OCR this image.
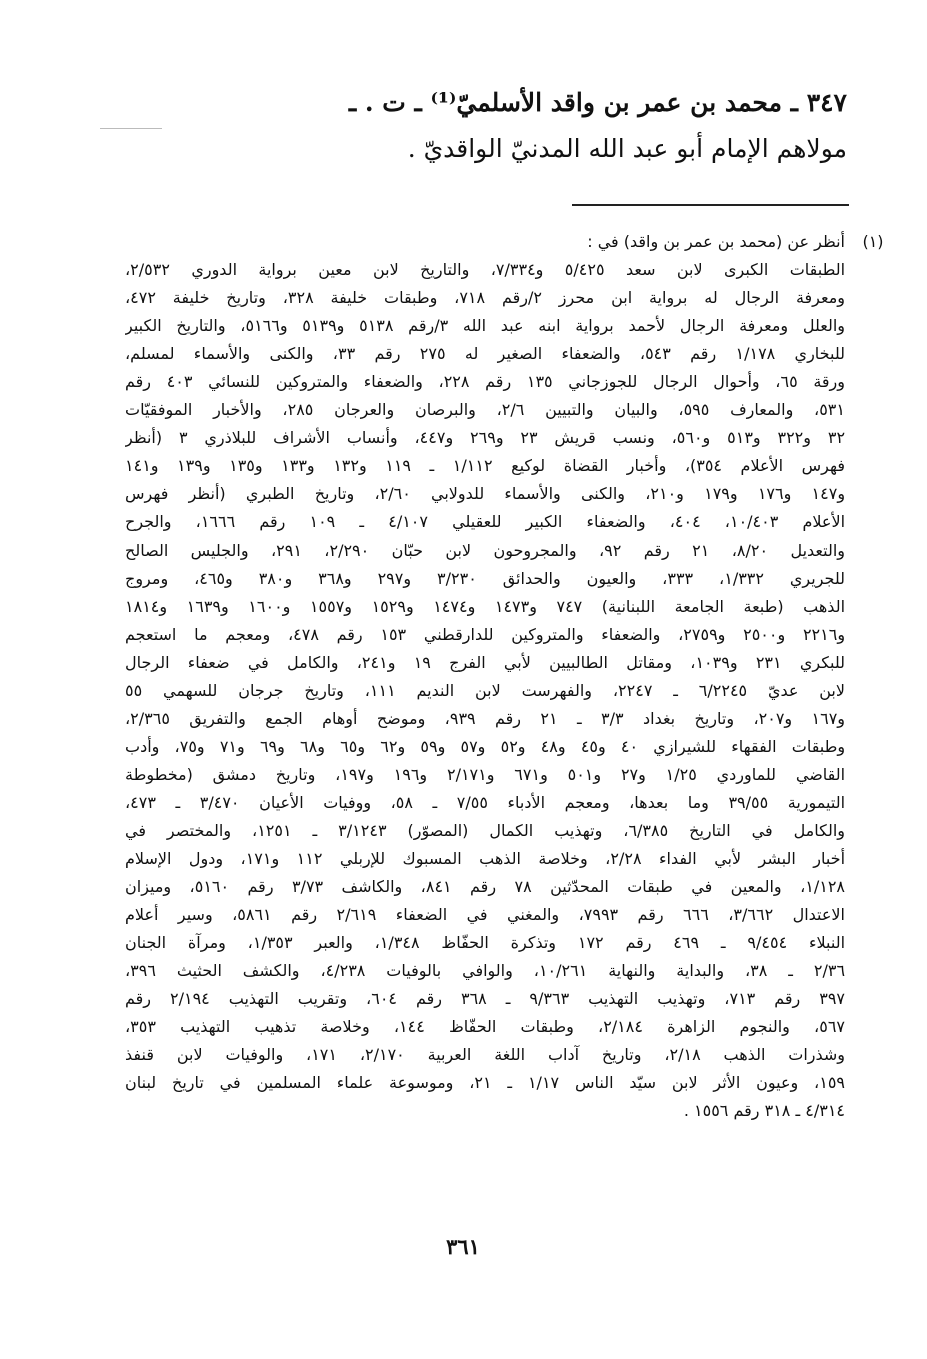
٣٤٧ ـ محمد بن عمر بن واقد الأسلميّ⁽¹⁾ ـ ت . ـ
مولاهم الإمام أبو عبد الله المدنيّ الواقديّ .
(١)
أنظر عن (محمد بن عمر بن واقد) في :
الطبقات الكبرى لابن سعد ٥/٤٢٥ و٧/٣٣٤، والتاريخ لابن معين برواية الدوري ٢/٥٣٢،
ومعرفة الرجال له برواية ابن محرز ٢/رقم ٧١٨، وطبقات خليفة ٣٢٨، وتاريخ خليفة ٤٧٢،
والعلل ومعرفة الرجال لأحمد برواية ابنه عبد الله ٣/رقم ٥١٣٨ و٥١٣٩ و٥١٦٦، والتاريخ الكبير
للبخاري ١/١٧٨ رقم ٥٤٣، والضعفاء الصغير له ٢٧٥ رقم ٣٣، والكنى والأسماء لمسلم،
ورقة ٦٥، وأحوال الرجال للجوزجاني ١٣٥ رقم ٢٢٨، والضعفاء والمتروكين للنسائي ٤٠٣ رقم
٥٣١، والمعارف ٥٩٥، والبيان والتبيين ٢/٦، والبرصان والعرجان ٢٨٥، والأخبار الموفقيّات
٣٢ و٣٢٢ و٥١٣ و٥٦٠، ونسب قريش ٢٣ و٢٦٩ و٤٤٧، وأنساب الأشراف للبلاذري ٣ (أنظر
فهرس الأعلام ٣٥٤)، وأخبار القضاة لوكيع ١/١١٢ ـ ١١٩ و١٣٢ و١٣٣ و١٣٥ و١٣٩ و١٤١
و١٤٧ و١٧٦ و١٧٩ و٢١٠، والكنى والأسماء للدولابي ٢/٦٠، وتاريخ الطبري (أنظر فهرس
الأعلام ١٠/٤٠٣، ٤٠٤، والضعفاء الكبير للعقيلي ٤/١٠٧ ـ ١٠٩ رقم ١٦٦٦، والجرح
والتعديل ٨/٢٠، ٢١ رقم ٩٢، والمجروحون لابن حبّان ٢/٢٩٠، ٢٩١، والجليس الصالح
للجريري ١/٣٣٢، ٣٣٣، والعيون والحدائق ٣/٢٣٠ و٢٩٧ و٣٦٨ و٣٨٠ و٤٦٥، ومروج
الذهب (طبعة الجامعة اللبنانية) ٧٤٧ و١٤٧٣ و١٤٧٤ و١٥٢٩ و١٥٥٧ و١٦٠٠ و١٦٣٩ و١٨١٤
و٢٢١٦ و٢٥٠٠ و٢٧٥٩، والضعفاء والمتروكين للدارقطني ١٥٣ رقم ٤٧٨، ومعجم ما استعجم
للبكري ٢٣١ و١٠٣٩، ومقاتل الطالبيين لأبي الفرج ١٩ و٢٤١، والكامل في ضعفاء الرجال
لابن عديّ ٦/٢٢٤٥ ـ ٢٢٤٧، والفهرست لابن النديم ١١١، وتاريخ جرجان للسهمي ٥٥
و١٦٧ و٢٠٧، وتاريخ بغداد ٣/٣ ـ ٢١ رقم ٩٣٩، وموضح أوهام الجمع والتفريق ٢/٣٦٥،
وطبقات الفقهاء للشيرازي ٤٠ و٤٥ و٤٨ و٥٢ و٥٧ و٥٩ و٦٢ و٦٥ و٦٨ و٦٩ و٧١ و٧٥، وأدب
القاضي للماوردي ١/٢٥ و٢٧ و٥٠١ و٦٧١ و٢/١٧١ و١٩٦ و١٩٧، وتاريخ دمشق (مخطوطة
التيمورية ٣٩/٥٥ وما بعدها، ومعجم الأدباء ٧/٥٥ ـ ٥٨، ووفيات الأعيان ٣/٤٧٠ ـ ٤٧٣،
والكامل في التاريخ ٦/٣٨٥، وتهذيب الكمال (المصوّر) ٣/١٢٤٣ ـ ١٢٥١، والمختصر في
أخبار البشر لأبي الفداء ٢/٢٨، وخلاصة الذهب المسبوك للإربلي ١١٢ و١٧١، ودول الإسلام
١/١٢٨، والمعين في طبقات المحدّثين ٧٨ رقم ٨٤١، والكاشف ٣/٧٣ رقم ٥١٦٠، وميزان
الاعتدال ٣/٦٦٢، ٦٦٦ رقم ٧٩٩٣، والمغني في الضعفاء ٢/٦١٩ رقم ٥٨٦١، وسير أعلام
النبلاء ٩/٤٥٤ ـ ٤٦٩ رقم ١٧٢ وتذكرة الحفّاظ ١/٣٤٨، والعبر ١/٣٥٣، ومرآة الجنان
٢/٣٦ ـ ٣٨، والبداية والنهاية ١٠/٢٦١، والوافي بالوفيات ٤/٢٣٨، والكشف الحثيث ٣٩٦،
٣٩٧ رقم ٧١٣، وتهذيب التهذيب ٩/٣٦٣ ـ ٣٦٨ رقم ٦٠٤، وتقريب التهذيب ٢/١٩٤ رقم
٥٦٧، والنجوم الزاهرة ٢/١٨٤، وطبقات الحفّاظ ١٤٤، وخلاصة تذهيب التهذيب ٣٥٣،
وشذرات الذهب ٢/١٨، وتاريخ آداب اللغة العربية ٢/١٧٠، ١٧١، والوفيات لابن قنفذ
١٥٩، وعيون الأثر لابن سيّد الناس ١/١٧ ـ ٢١، وموسوعة علماء المسلمين في تاريخ لبنان
٤/٣١٤ ـ ٣١٨ رقم ١٥٥٦ .
٣٦١
